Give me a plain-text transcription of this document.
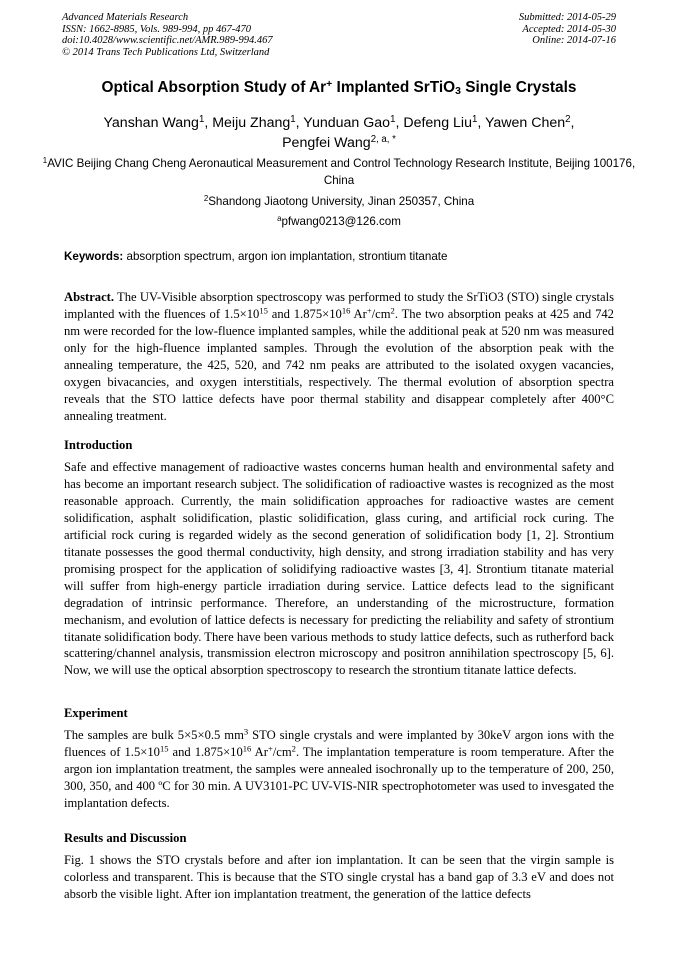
Advanced Materials Research
ISSN: 1662-8985, Vols. 989-994, pp 467-470
doi:10.4028/www.scientific.net/AMR.989-994.467
© 2014 Trans Tech Publications Ltd, Switzerland
Submitted: 2014-05-29
Accepted: 2014-05-30
Online: 2014-07-16
Optical Absorption Study of Ar+ Implanted SrTiO$_3$ Single Crystals
Yanshan Wang$^1$, Meiju Zhang$^1$, Yunduan Gao$^1$, Defeng Liu$^1$, Yawen Chen$^2$,
Pengfei Wang$^{2, a, *}$
$^1$AVIC Beijing Chang Cheng Aeronautical Measurement and Control Technology Research Institute, Beijing 100176, China
$^2$Shandong Jiaotong University, Jinan 250357, China
$^a$pfwang0213@126.com
Keywords: absorption spectrum, argon ion implantation, strontium titanate
Abstract. The UV-Visible absorption spectroscopy was performed to study the SrTiO3 (STO) single crystals implanted with the fluences of $1.5\times 10^{15}$ and $1.875\times 10^{16}$ $Ar^+/cm^2$. The two absorption peaks at 425 and 742 nm were recorded for the low-fluence implanted samples, while the additional peak at 520 nm was measured only for the high-fluence implanted samples. Through the evolution of the absorption peak with the annealing temperature, the 425, 520, and 742 nm peaks are attributed to the isolated oxygen vacancies, oxygen bivacancies, and oxygen interstitials, respectively. The thermal evolution of absorption spectra reveals that the STO lattice defects have poor thermal stability and disappear completely after 400°C annealing treatment.
Introduction
Safe and effective management of radioactive wastes concerns human health and environmental safety and has become an important research subject. The solidification of radioactive wastes is recognized as the most reasonable approach. Currently, the main solidification approaches for radioactive wastes are cement solidification, asphalt solidification, plastic solidification, glass curing, and artificial rock curing. The artificial rock curing is regarded widely as the second generation of solidification body [1, 2]. Strontium titanate possesses the good thermal conductivity, high density, and strong irradiation stability and has very promising prospect for the application of solidifying radioactive wastes [3, 4]. Strontium titanate material will suffer from high-energy particle irradiation during service. Lattice defects lead to the significant degradation of intrinsic performance. Therefore, an understanding of the microstructure, formation mechanism, and evolution of lattice defects is necessary for predicting the reliability and safety of strontium titanate solidification body. There have been various methods to study lattice defects, such as rutherford back scattering/channel analysis, transmission electron microscopy and positron annihilation spectroscopy [5, 6]. Now, we will use the optical absorption spectroscopy to research the strontium titanate lattice defects.
Experiment
The samples are bulk 5×5×0.5 $mm^3$ STO single crystals and were implanted by 30keV argon ions with the fluences of $1.5\times 10^{15}$ and $1.875\times 10^{16}$ $Ar^+/cm^2$. The implantation temperature is room temperature. After the argon ion implantation treatment, the samples were annealed isochronally up to the temperature of 200, 250, 300, 350, and 400 ºC for 30 min. A UV3101-PC UV-VIS-NIR spectrophotometer was used to invesgated the implantation defects.
Results and Discussion
Fig. 1 shows the STO crystals before and after ion implantation. It can be seen that the virgin sample is colorless and transparent. This is because that the STO single crystal has a band gap of 3.3 eV and does not absorb the visible light. After ion implantation treatment, the generation of the lattice defects
